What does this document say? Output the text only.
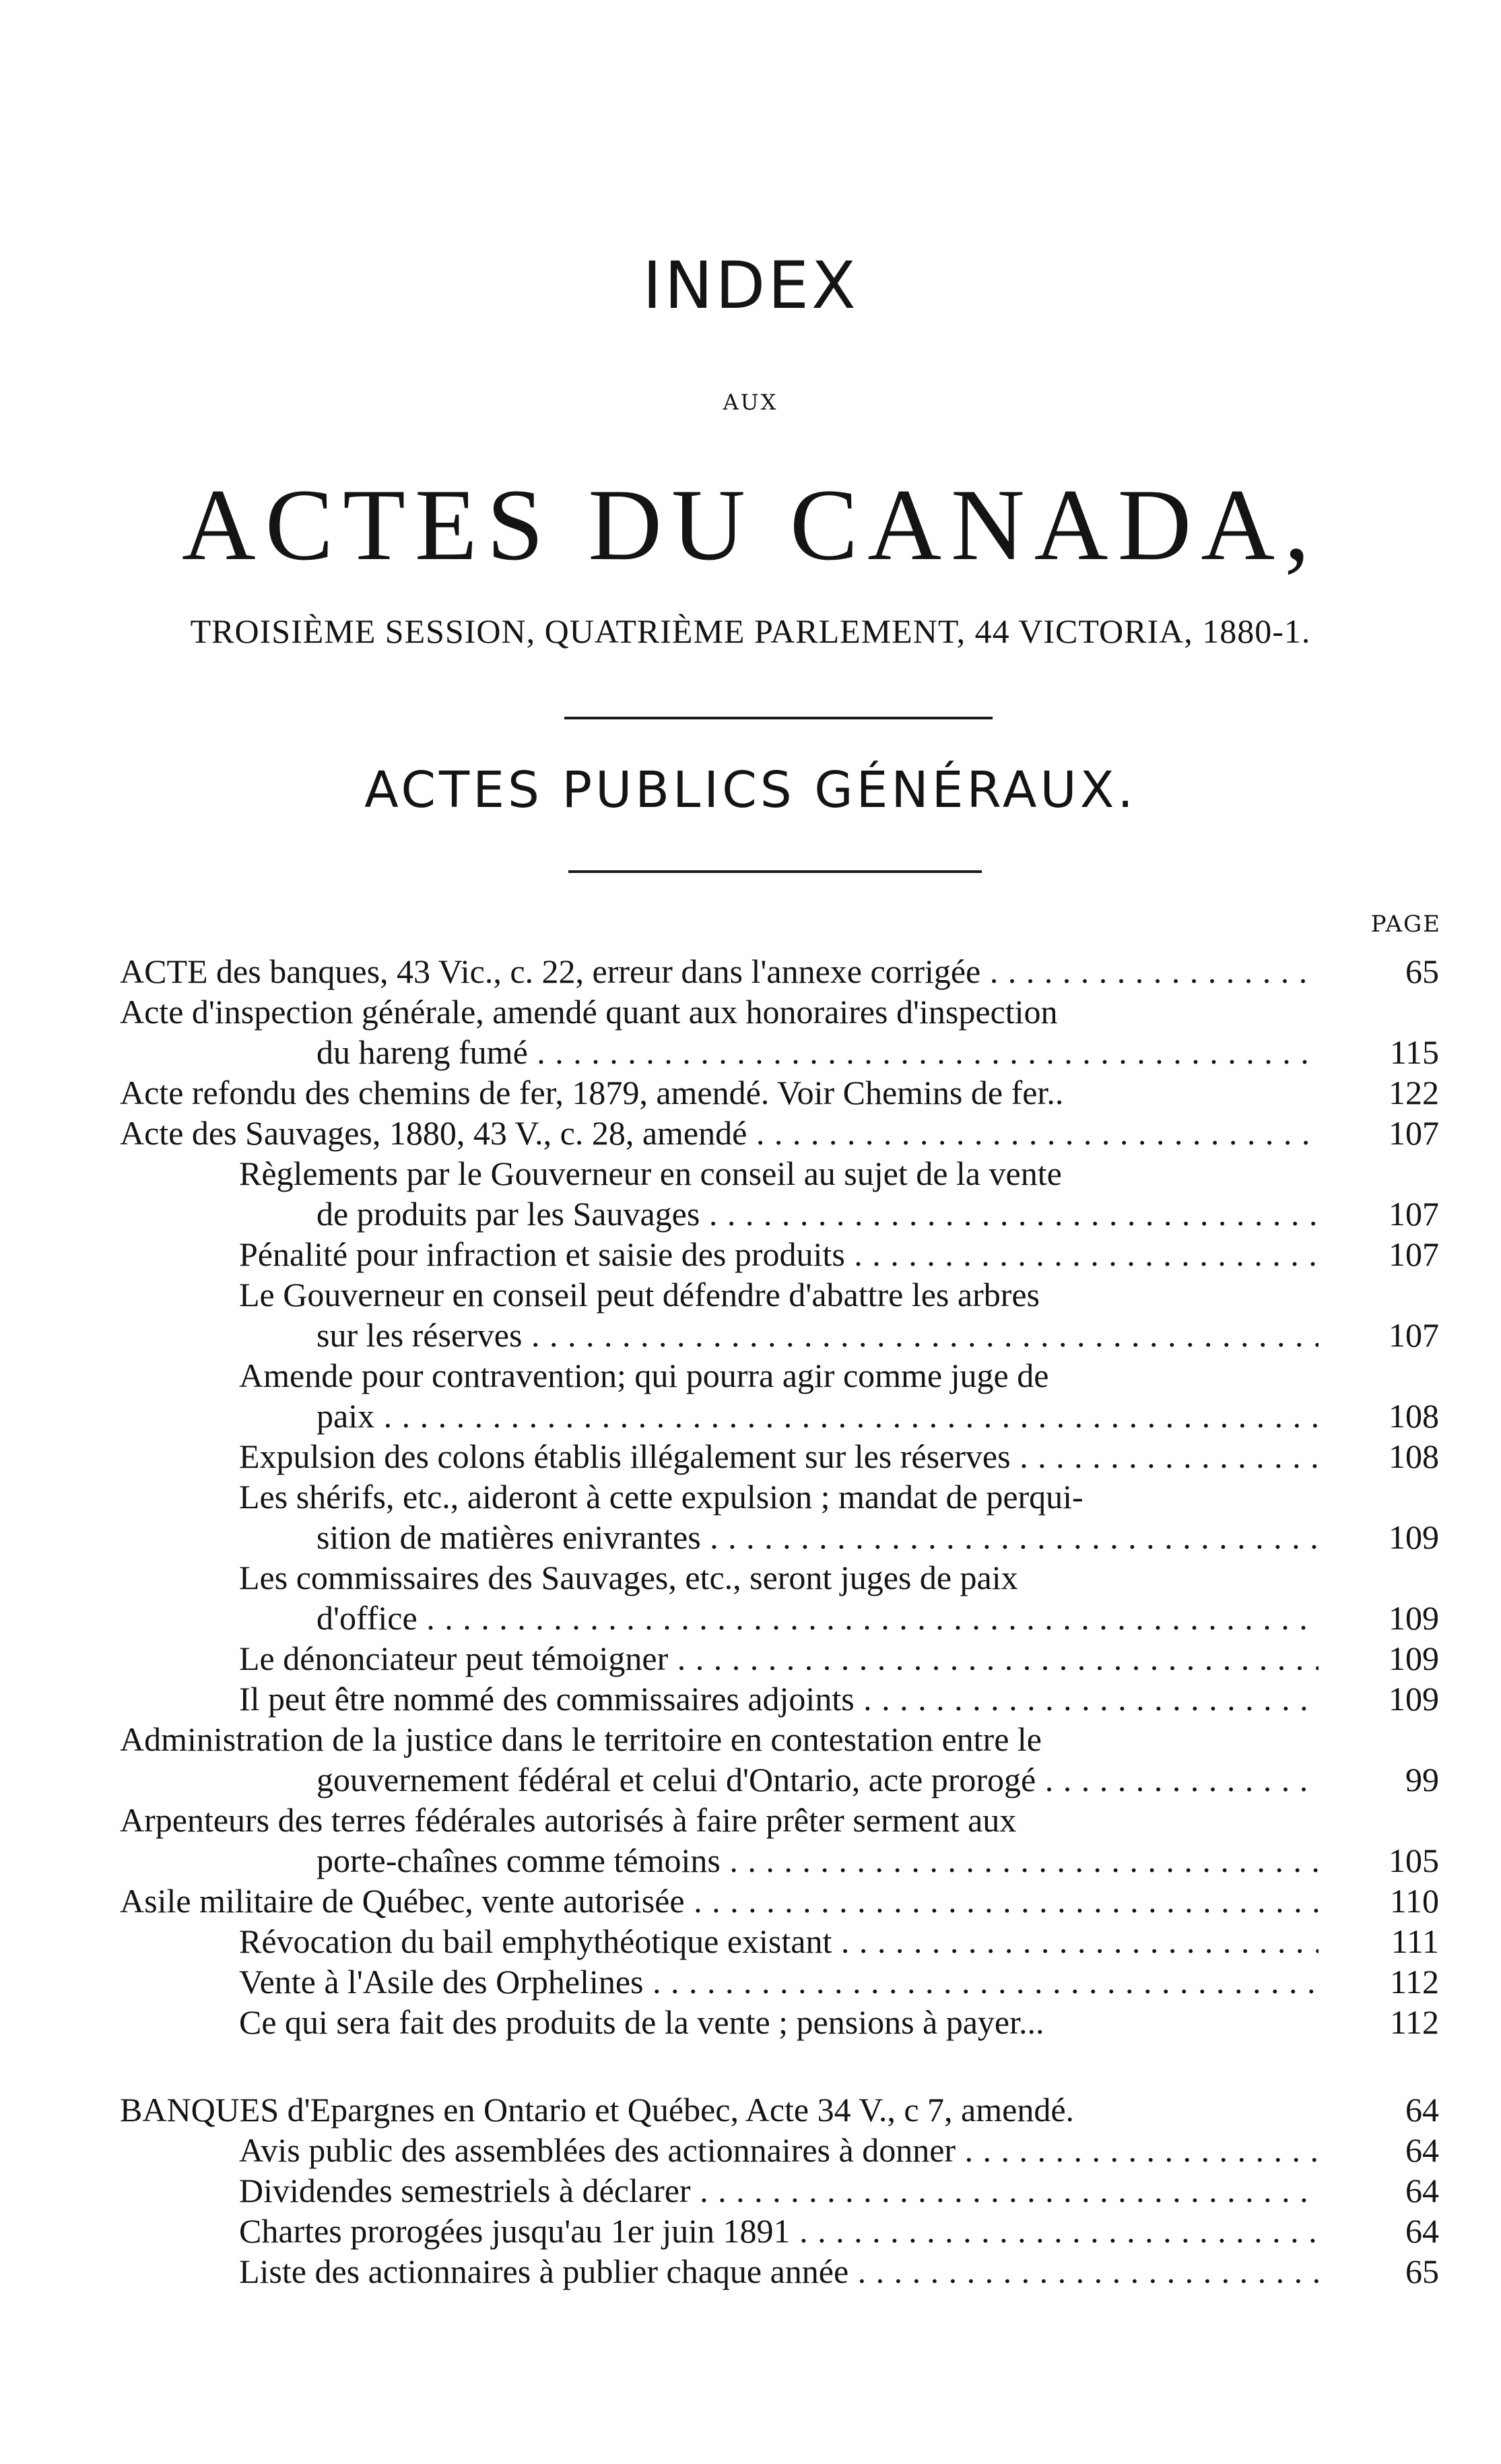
INDEX
AUX
ACTES DU CANADA,
TROISIÈME SESSION, QUATRIÈME PARLEMENT, 44 VICTORIA, 1880-1.
ACTES PUBLICS GÉNÉRAUX.
PAGE
ACTE des banques, 43 Vic., c. 22, erreur dans l'annexe corrigée . . .	65
Acte d'inspection générale, amendé quant aux honoraires d'inspection
du hareng fumé . . .	115
Acte refondu des chemins de fer, 1879, amendé. Voir Chemins de fer..	122
Acte des Sauvages, 1880, 43 V., c. 28, amendé . . .	107
Règlements par le Gouverneur en conseil au sujet de la vente
de produits par les Sauvages . . .	107
Pénalité pour infraction et saisie des produits . . .	107
Le Gouverneur en conseil peut défendre d'abattre les arbres
sur les réserves . . .	107
Amende pour contravention; qui pourra agir comme juge de
paix . . .	108
Expulsion des colons établis illégalement sur les réserves . . .	108
Les shérifs, etc., aideront à cette expulsion ; mandat de perqui-
sition de matières enivrantes . . .	109
Les commissaires des Sauvages, etc., seront juges de paix
d'office . . .	109
Le dénonciateur peut témoigner . . .	109
Il peut être nommé des commissaires adjoints . . .	109
Administration de la justice dans le territoire en contestation entre le
gouvernement fédéral et celui d'Ontario, acte prorogé . . .	99
Arpenteurs des terres fédérales autorisés à faire prêter serment aux
porte-chaînes comme témoins . . .	105
Asile militaire de Québec, vente autorisée . . .	110
Révocation du bail emphythéotique existant . . .	111
Vente à l'Asile des Orphelines . . .	112
Ce qui sera fait des produits de la vente ; pensions à payer...	112
BANQUES d'Epargnes en Ontario et Québec, Acte 34 V., c 7, amendé.	64
Avis public des assemblées des actionnaires à donner . . .	64
Dividendes semestriels à déclarer . . .	64
Chartes prorogées jusqu'au 1er juin 1891 . . .	64
Liste des actionnaires à publier chaque année . . .	65
